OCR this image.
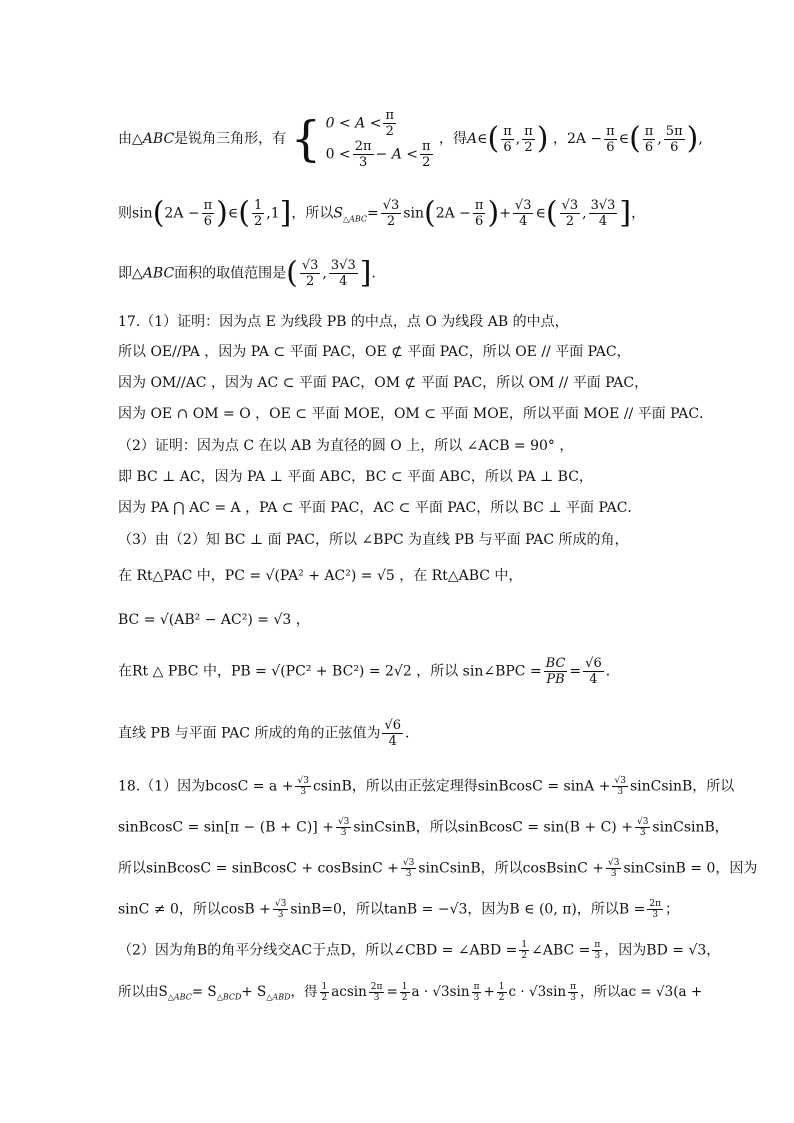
由△ABC是锐角三角形，有 { $0 < A < \frac{\pi}{2}$
$0 < \frac{2\pi}{3} - A < \frac{\pi}{2}$ ，得A∈( $\frac{\pi}{6}$ , $\frac{\pi}{2}$ ) ，$2A - \frac{\pi}{6}$ ∈( $\frac{\pi}{6}$ , $\frac{5\pi}{6}$ ),
则$\sin(2A - \frac{\pi}{6}$ )∈( $\frac{1}{2} ,1$]，所以$S_{\triangle ABC}= \frac{√3}{2} \sin(2A - \frac{\pi}{6}$ )+ $\frac{√3}{4}$ ∈( $\frac{√3}{2}$ , $\frac{3√3}{4}$ ]，
即△ABC面积的取值范围是( $\frac{√3}{2}$ , $\frac{3√3}{4}$ ]．
17.（1）证明：因为点 E 为线段 PB 的中点，点 O 为线段 AB 的中点，
所以 OE//PA ，因为 PA ⊂ 平面 PAC，OE ⊄ 平面 PAC，所以 OE // 平面 PAC，
因为 OM//AC ，因为 AC ⊂ 平面 PAC，OM ⊄ 平面 PAC，所以 OM // 平面 PAC，
因为 OE ∩ OM = O ，OE ⊂ 平面 MOE，OM ⊂ 平面 MOE，所以平面 MOE // 平面 PAC．
（2）证明：因为点 C 在以 AB 为直径的圆 O 上，所以 ∠ACB = 90° ，
即 BC ⊥ AC，因为 PA ⊥ 平面 ABC，BC ⊂ 平面 ABC，所以 PA ⊥ BC，
因为 PA ⋂ AC = A ，PA ⊂ 平面 PAC，AC ⊂ 平面 PAC，所以 BC ⊥ 平面 PAC．
（3）由（2）知 BC ⊥ 面 PAC，所以 ∠BPC 为直线 PB 与平面 PAC 所成的角，
在 Rt△PAC 中，PC = √(PA² + AC²) = √5 ，在 Rt△ABC 中，
BC = √(AB² − AC²) = √3 ，
在Rt △ PBC 中，PB = √(PC² + BC²) = 2√2 ，所以 sin∠BPC = $\frac{BC}{PB} = \frac{√6}{4}$ ．
直线 PB 与平面 PAC 所成的角的正弦值为 $\frac{√6}{4}$ ．
18.（1）因为$bcosC = a + \frac{√3}{3}$ csinB，所以由正弦定理得sinBcosC = $\sin A + \frac{√3}{3}$ sinCsinB，所以
sinBcosC = $\sin[\pi - (B + C)] + \frac{√3}{3}$ sinCsinB，所以sinBcosC = $\sin(B + C) + \frac{√3}{3}$ sinCsinB，
所以sinBcosC = sinBcosC + cosBsinC + $\frac{√3}{3}$ sinCsinB，所以cosBsinC + $\frac{√3}{3}$ sinCsinB = 0，因为
sinC ≠ 0，所以$\cos B + \frac{√3}{3} \sin B=0$，所以tanB = −√3，因为B ∈ (0, π)，所以$B = \frac{2\pi}{3}$ ；
（2）因为角B的角平分线交AC于点D，所以∠CBD = ∠ABD = $\frac{1}{2}$ ∠ABC = $\frac{\pi}{3}$ ，因为BD = √3，
所以由$S_{\triangle ABC}= S_{\triangle BCD}+ S_{\triangle ABD}$，得 $\frac{1}{2}$ acsin $\frac{2\pi}{3} = \frac{1}{2}$ $a \cdot √3\sin \frac{\pi}{3} + \frac{1}{2}$ $c \cdot √3\sin \frac{\pi}{3}$ ，所以ac = √3(a +
